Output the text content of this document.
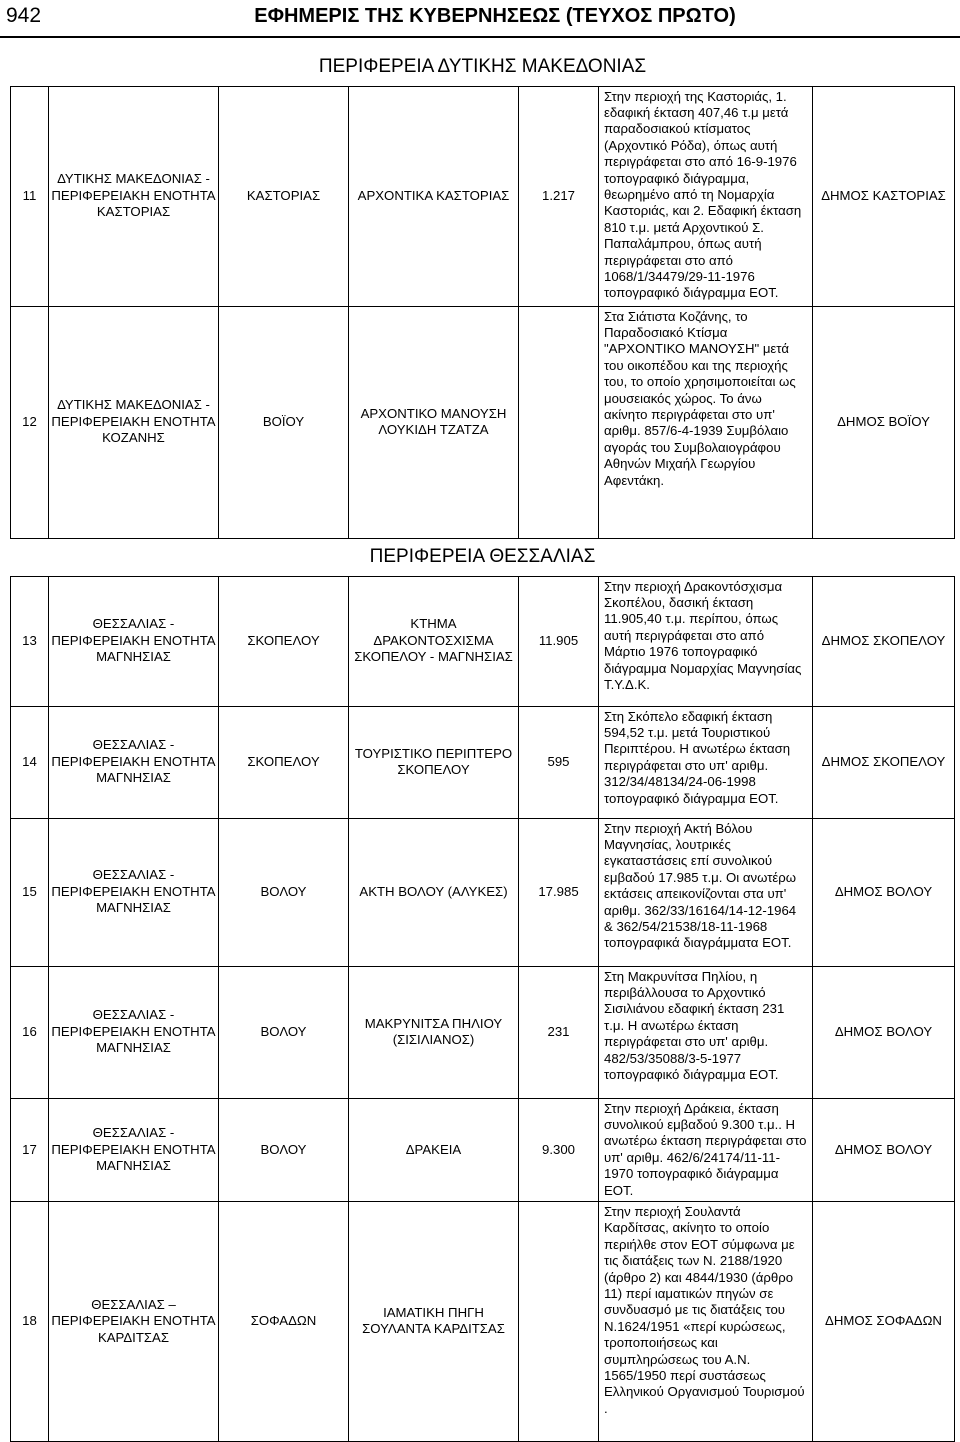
942	ΕΦΗΜΕΡΙΣ ΤΗΣ ΚΥΒΕΡΝΗΣΕΩΣ (ΤΕΥΧΟΣ ΠΡΩΤΟ)
ΠΕΡΙΦΕΡΕΙΑ ΔΥΤΙΚΗΣ ΜΑΚΕΔΟΝΙΑΣ						
11	ΔΥΤΙΚΗΣ ΜΑΚΕΔΟΝΙΑΣ - ΠΕΡΙΦΕΡΕΙΑΚΗ ΕΝΟΤΗΤΑ ΚΑΣΤΟΡΙΑΣ	ΚΑΣΤΟΡΙΑΣ	ΑΡΧΟΝΤΙΚΑ ΚΑΣΤΟΡΙΑΣ	1.217	Στην περιοχή της Καστοριάς, 1. εδαφική έκταση 407,46 τ.μ μετά παραδοσιακού κτίσματος (Αρχοντικό Ρόδα), όπως αυτή περιγράφεται στο από 16-9-1976 τοπογραφικό διάγραμμα, θεωρημένο από τη Νομαρχία Καστοριάς, και 2. Εδαφική έκταση 810 τ.μ. μετά Αρχοντικού Σ. Παπαλάμπρου, όπως αυτή περιγράφεται στο από 1068/1/34479/29-11-1976 τοπογραφικό διάγραμμα ΕΟΤ.	ΔΗΜΟΣ ΚΑΣΤΟΡΙΑΣ
12	ΔΥΤΙΚΗΣ ΜΑΚΕΔΟΝΙΑΣ - ΠΕΡΙΦΕΡΕΙΑΚΗ ΕΝΟΤΗΤΑ ΚΟΖΑΝΗΣ	ΒΟΪΟΥ	ΑΡΧΟΝΤΙΚΟ ΜΑΝΟΥΣΗ ΛΟΥΚΙΔΗ ΤΖΑΤΖΑ		Στα Σιάτιστα Κοζάνης, το Παραδοσιακό Κτίσμα "ΑΡΧΟΝΤΙΚΟ ΜΑΝΟΥΣΗ" μετά του οικοπέδου και της περιοχής του, το οποίο χρησιμοποιείται ως μουσειακός χώρος. Το άνω ακίνητο περιγράφεται στο υπ' αριθμ. 857/6-4-1939 Συμβόλαιο αγοράς του Συμβολαιογράφου Αθηνών Μιχαήλ Γεωργίου Αφεντάκη.	ΔΗΜΟΣ ΒΟΪΟΥ
ΠΕΡΙΦΕΡΕΙΑ ΘΕΣΣΑΛΙΑΣ						
13	ΘΕΣΣΑΛΙΑΣ - ΠΕΡΙΦΕΡΕΙΑΚΗ ΕΝΟΤΗΤΑ ΜΑΓΝΗΣΙΑΣ	ΣΚΟΠΕΛΟΥ	ΚΤΗΜΑ ΔΡΑΚΟΝΤΟΣΧΙΣΜΑ ΣΚΟΠΕΛΟΥ - ΜΑΓΝΗΣΙΑΣ	11.905	Στην περιοχή Δρακοντόσχισμα Σκοπέλου, δασική έκταση 11.905,40 τ.μ. περίπου, όπως αυτή περιγράφεται στο από Μάρτιο 1976 τοπογραφικό διάγραμμα Νομαρχίας Μαγνησίας Τ.Υ.Δ.Κ.	ΔΗΜΟΣ ΣΚΟΠΕΛΟΥ
14	ΘΕΣΣΑΛΙΑΣ - ΠΕΡΙΦΕΡΕΙΑΚΗ ΕΝΟΤΗΤΑ ΜΑΓΝΗΣΙΑΣ	ΣΚΟΠΕΛΟΥ	ΤΟΥΡΙΣΤΙΚΟ ΠΕΡΙΠΤΕΡΟ ΣΚΟΠΕΛΟΥ	595	Στη Σκόπελο εδαφική έκταση 594,52 τ.μ. μετά Τουριστικού Περιπτέρου. Η ανωτέρω έκταση περιγράφεται στο υπ' αριθμ. 312/34/48134/24-06-1998 τοπογραφικό διάγραμμα ΕΟΤ.	ΔΗΜΟΣ ΣΚΟΠΕΛΟΥ
15	ΘΕΣΣΑΛΙΑΣ - ΠΕΡΙΦΕΡΕΙΑΚΗ ΕΝΟΤΗΤΑ ΜΑΓΝΗΣΙΑΣ	ΒΟΛΟΥ	ΑΚΤΗ ΒΟΛΟΥ (ΑΛΥΚΕΣ)	17.985	Στην περιοχή Ακτή Βόλου Μαγνησίας, λουτρικές εγκαταστάσεις επί συνολικού εμβαδού 17.985 τ.μ. Οι ανωτέρω εκτάσεις απεικονίζονται στα υπ' αριθμ. 362/33/16164/14-12-1964 & 362/54/21538/18-11-1968 τοπογραφικά διαγράμματα ΕΟΤ.	ΔΗΜΟΣ ΒΟΛΟΥ
16	ΘΕΣΣΑΛΙΑΣ - ΠΕΡΙΦΕΡΕΙΑΚΗ ΕΝΟΤΗΤΑ ΜΑΓΝΗΣΙΑΣ	ΒΟΛΟΥ	ΜΑΚΡΥΝΙΤΣΑ ΠΗΛΙΟΥ (ΣΙΣΙΛΙΑΝΟΣ)	231	Στη Μακρυνίτσα Πηλίου, η περιβάλλουσα το Αρχοντικό Σισιλιάνου εδαφική έκταση 231 τ.μ. Η ανωτέρω έκταση περιγράφεται στο υπ' αριθμ. 482/53/35088/3-5-1977 τοπογραφικό διάγραμμα ΕΟΤ.	ΔΗΜΟΣ ΒΟΛΟΥ
17	ΘΕΣΣΑΛΙΑΣ - ΠΕΡΙΦΕΡΕΙΑΚΗ ΕΝΟΤΗΤΑ ΜΑΓΝΗΣΙΑΣ	ΒΟΛΟΥ	ΔΡΑΚΕΙΑ	9.300	Στην περιοχή Δράκεια, έκταση συνολικού εμβαδού 9.300 τ.μ.. Η ανωτέρω έκταση περιγράφεται στο υπ' αριθμ. 462/6/24174/11-11-1970 τοπογραφικό διάγραμμα ΕΟΤ.	ΔΗΜΟΣ ΒΟΛΟΥ
18	ΘΕΣΣΑΛΙΑΣ – ΠΕΡΙΦΕΡΕΙΑΚΗ ΕΝΟΤΗΤΑ ΚΑΡΔΙΤΣΑΣ	ΣΟΦΑΔΩΝ	ΙΑΜΑΤΙΚΗ ΠΗΓΗ ΣΟΥΛΑΝΤΑ ΚΑΡΔΙΤΣΑΣ		Στην περιοχή Σουλαντά Καρδίτσας, ακίνητο το οποίο περιήλθε στον ΕΟΤ σύμφωνα με τις διατάξεις των Ν. 2188/1920 (άρθρο 2) και 4844/1930 (άρθρο 11) περί ιαματικών πηγών σε συνδυασμό με τις διατάξεις του Ν.1624/1951 «περί κυρώσεως, τροποποιήσεως και συμπληρώσεως του Α.Ν. 1565/1950 περί συστάσεως Ελληνικού Οργανισμού Τουρισμού .	ΔΗΜΟΣ ΣΟΦΑΔΩΝ
